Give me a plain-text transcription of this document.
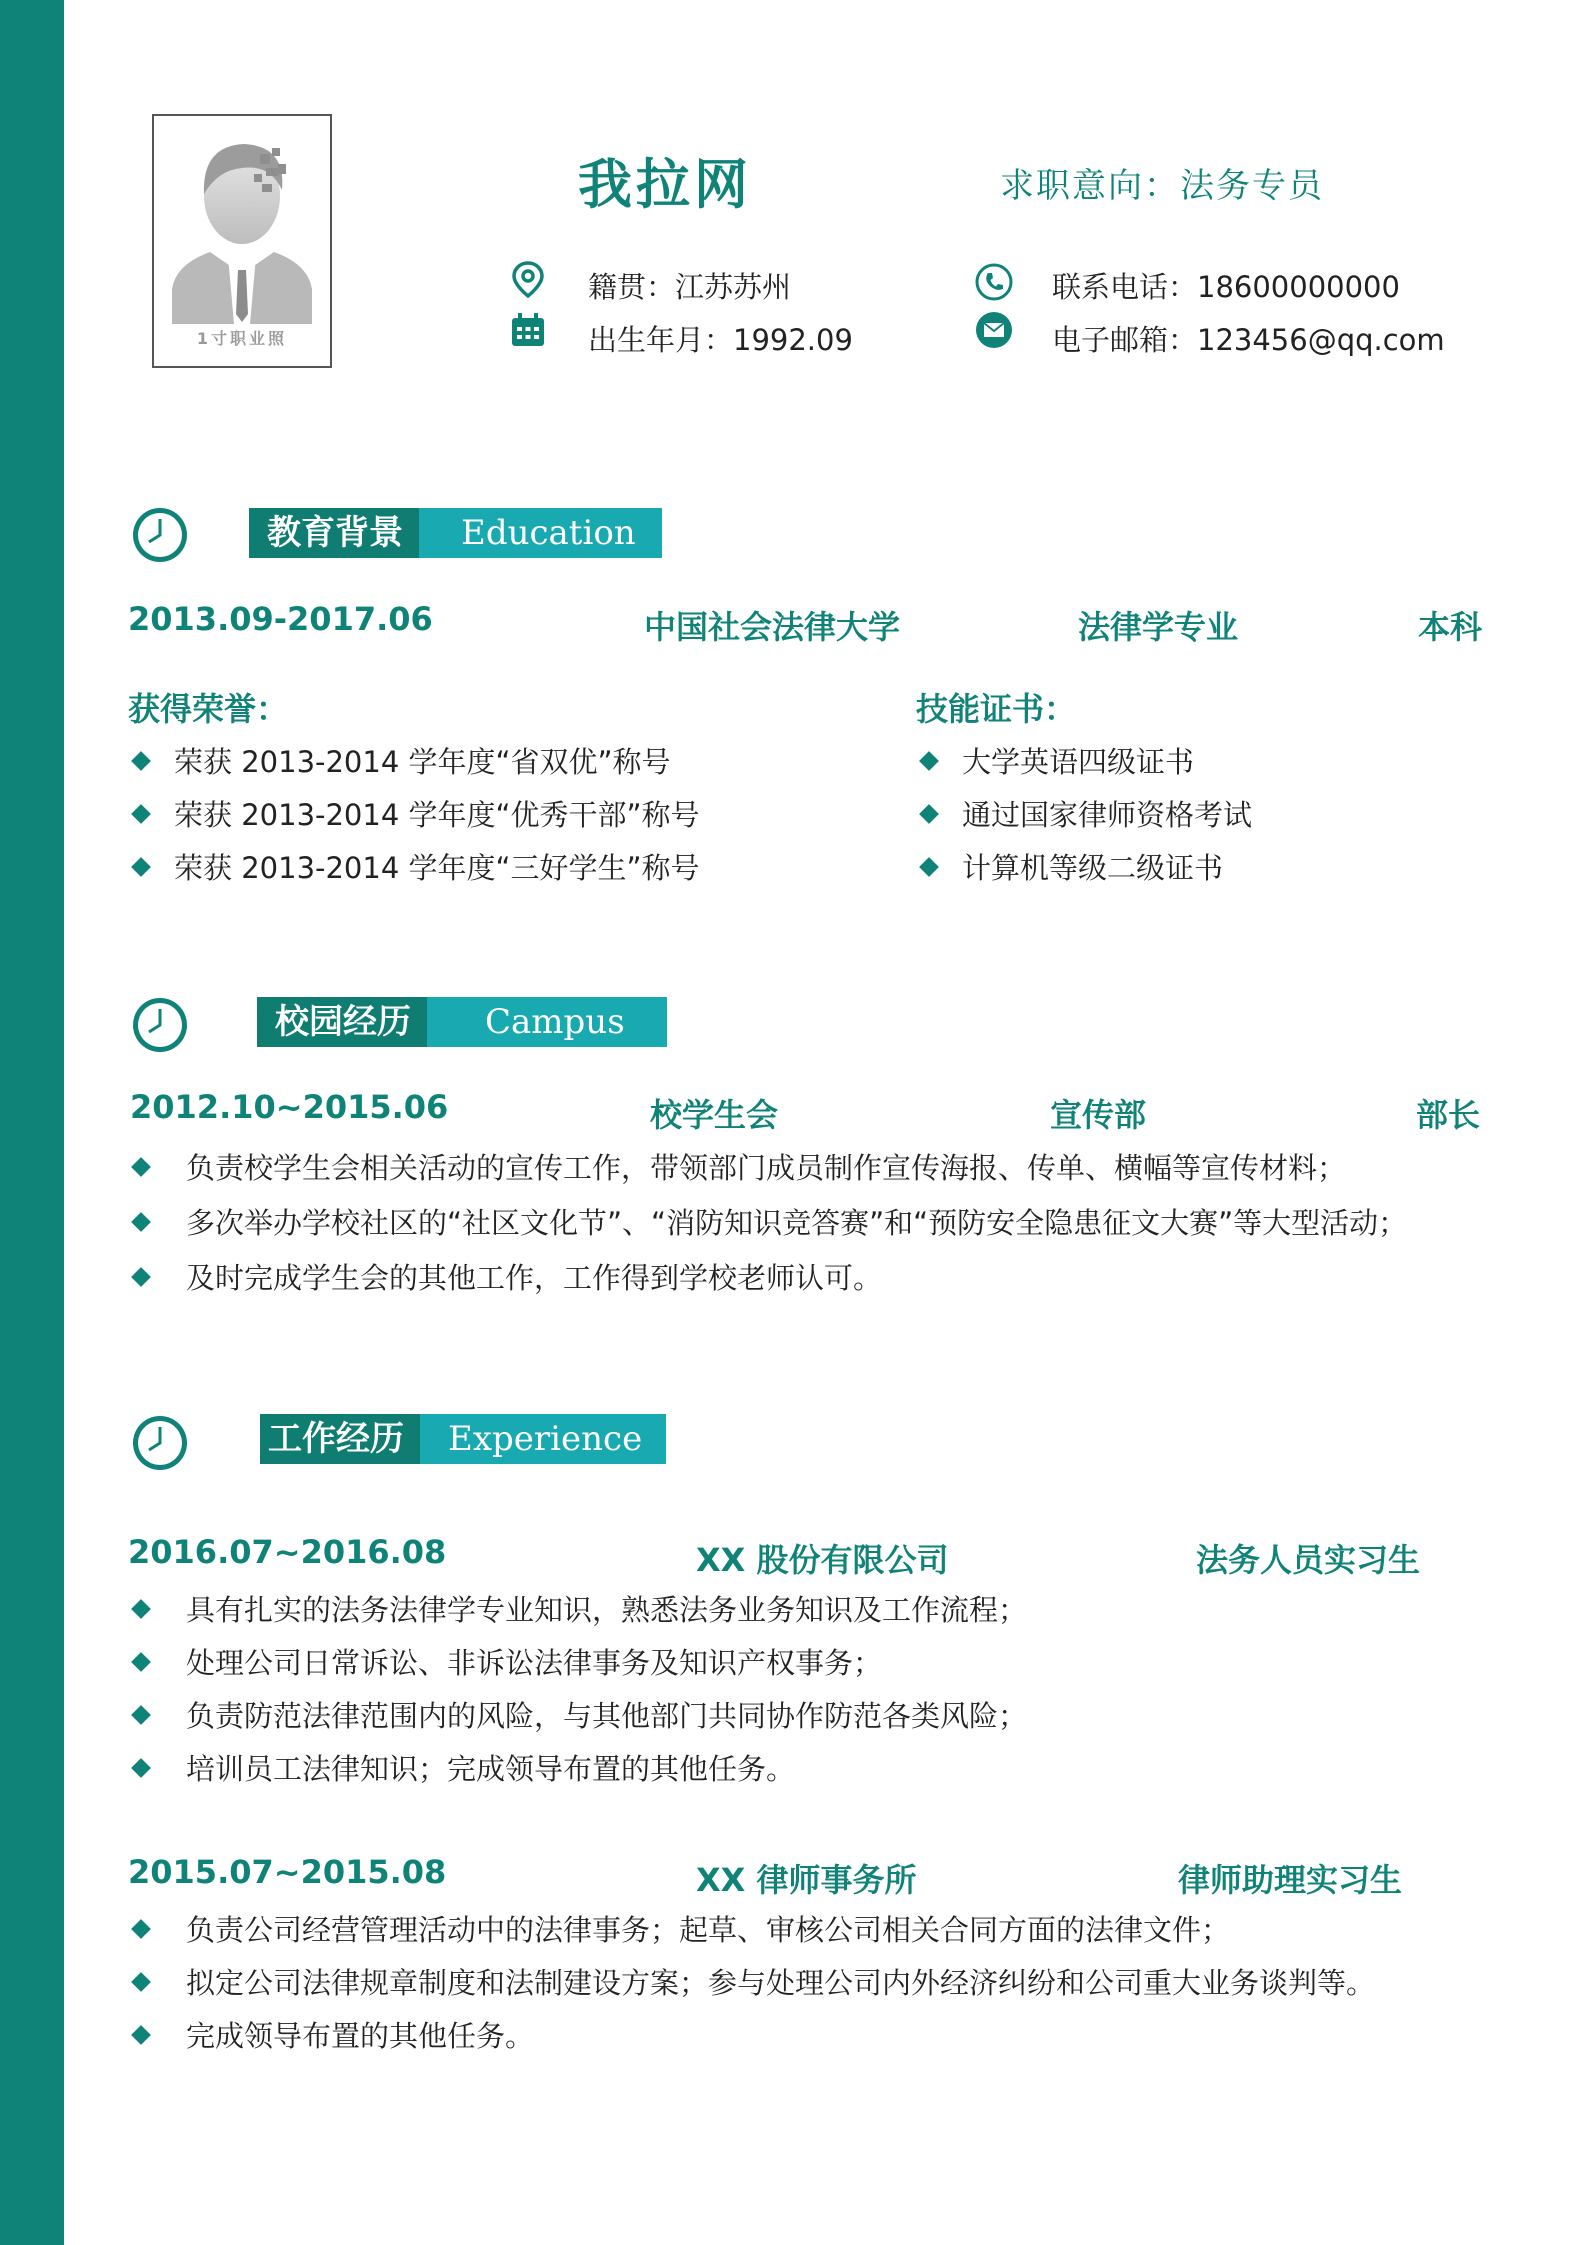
1寸职业照
我拉网	求职意向：法务专员
籍贯：江苏苏州
出生年月：1992.09
联系电话：18600000000
电子邮箱：123456@qq.com
教育背景	Education
2013.09-2017.06	中国社会法律大学	法律学专业	本科
获得荣誉：	技能证书：
荣获 2013-2014 学年度“省双优”称号
荣获 2013-2014 学年度“优秀干部”称号
荣获 2013-2014 学年度“三好学生”称号
大学英语四级证书
通过国家律师资格考试
计算机等级二级证书
校园经历	Campus
2012.10~2015.06	校学生会	宣传部	部长
负责校学生会相关活动的宣传工作，带领部门成员制作宣传海报、传单、横幅等宣传材料；
多次举办学校社区的“社区文化节”、“消防知识竞答赛”和“预防安全隐患征文大赛”等大型活动；
及时完成学生会的其他工作，工作得到学校老师认可。
工作经历	Experience
2016.07~2016.08	XX 股份有限公司	法务人员实习生
具有扎实的法务法律学专业知识，熟悉法务业务知识及工作流程；
处理公司日常诉讼、非诉讼法律事务及知识产权事务；
负责防范法律范围内的风险，与其他部门共同协作防范各类风险；
培训员工法律知识；完成领导布置的其他任务。
2015.07~2015.08	XX 律师事务所	律师助理实习生
负责公司经营管理活动中的法律事务；起草、审核公司相关合同方面的法律文件；
拟定公司法律规章制度和法制建设方案；参与处理公司内外经济纠纷和公司重大业务谈判等。
完成领导布置的其他任务。
